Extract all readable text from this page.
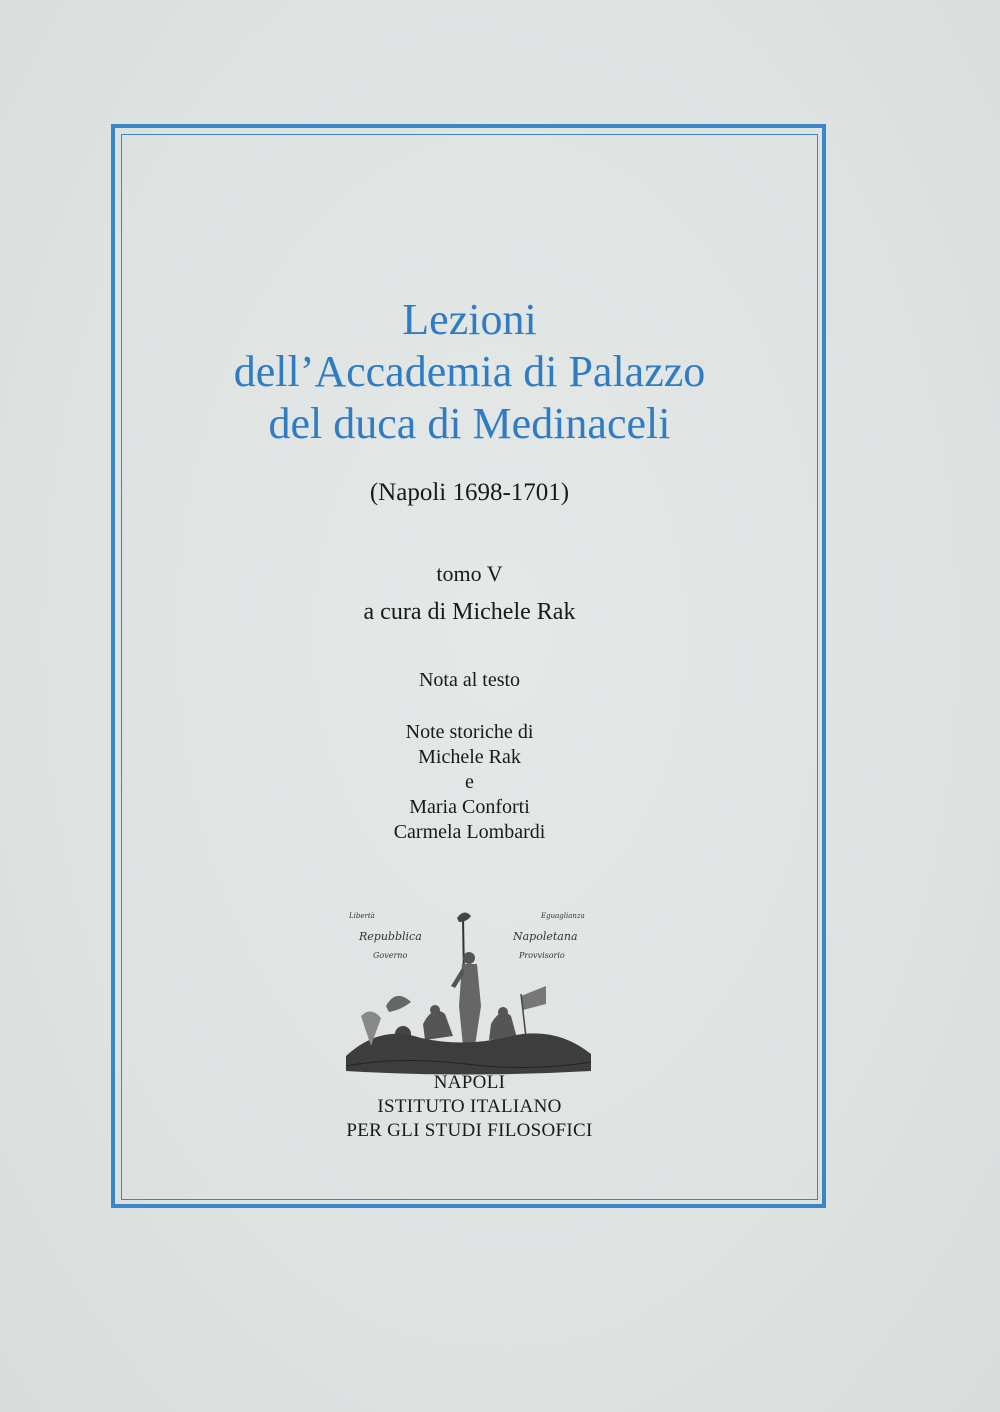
Lezioni
dell’Accademia di Palazzo
del duca di Medinaceli
(Napoli 1698-1701)
tomo V
a cura di Michele Rak
Nota al testo
Note storiche di
Michele Rak
e
Maria Conforti
Carmela Lombardi
Libertà	Eguaglianza
Repubblica	Napoletana
Governo	Provvisorio
NAPOLI
ISTITUTO ITALIANO
PER GLI STUDI FILOSOFICI
